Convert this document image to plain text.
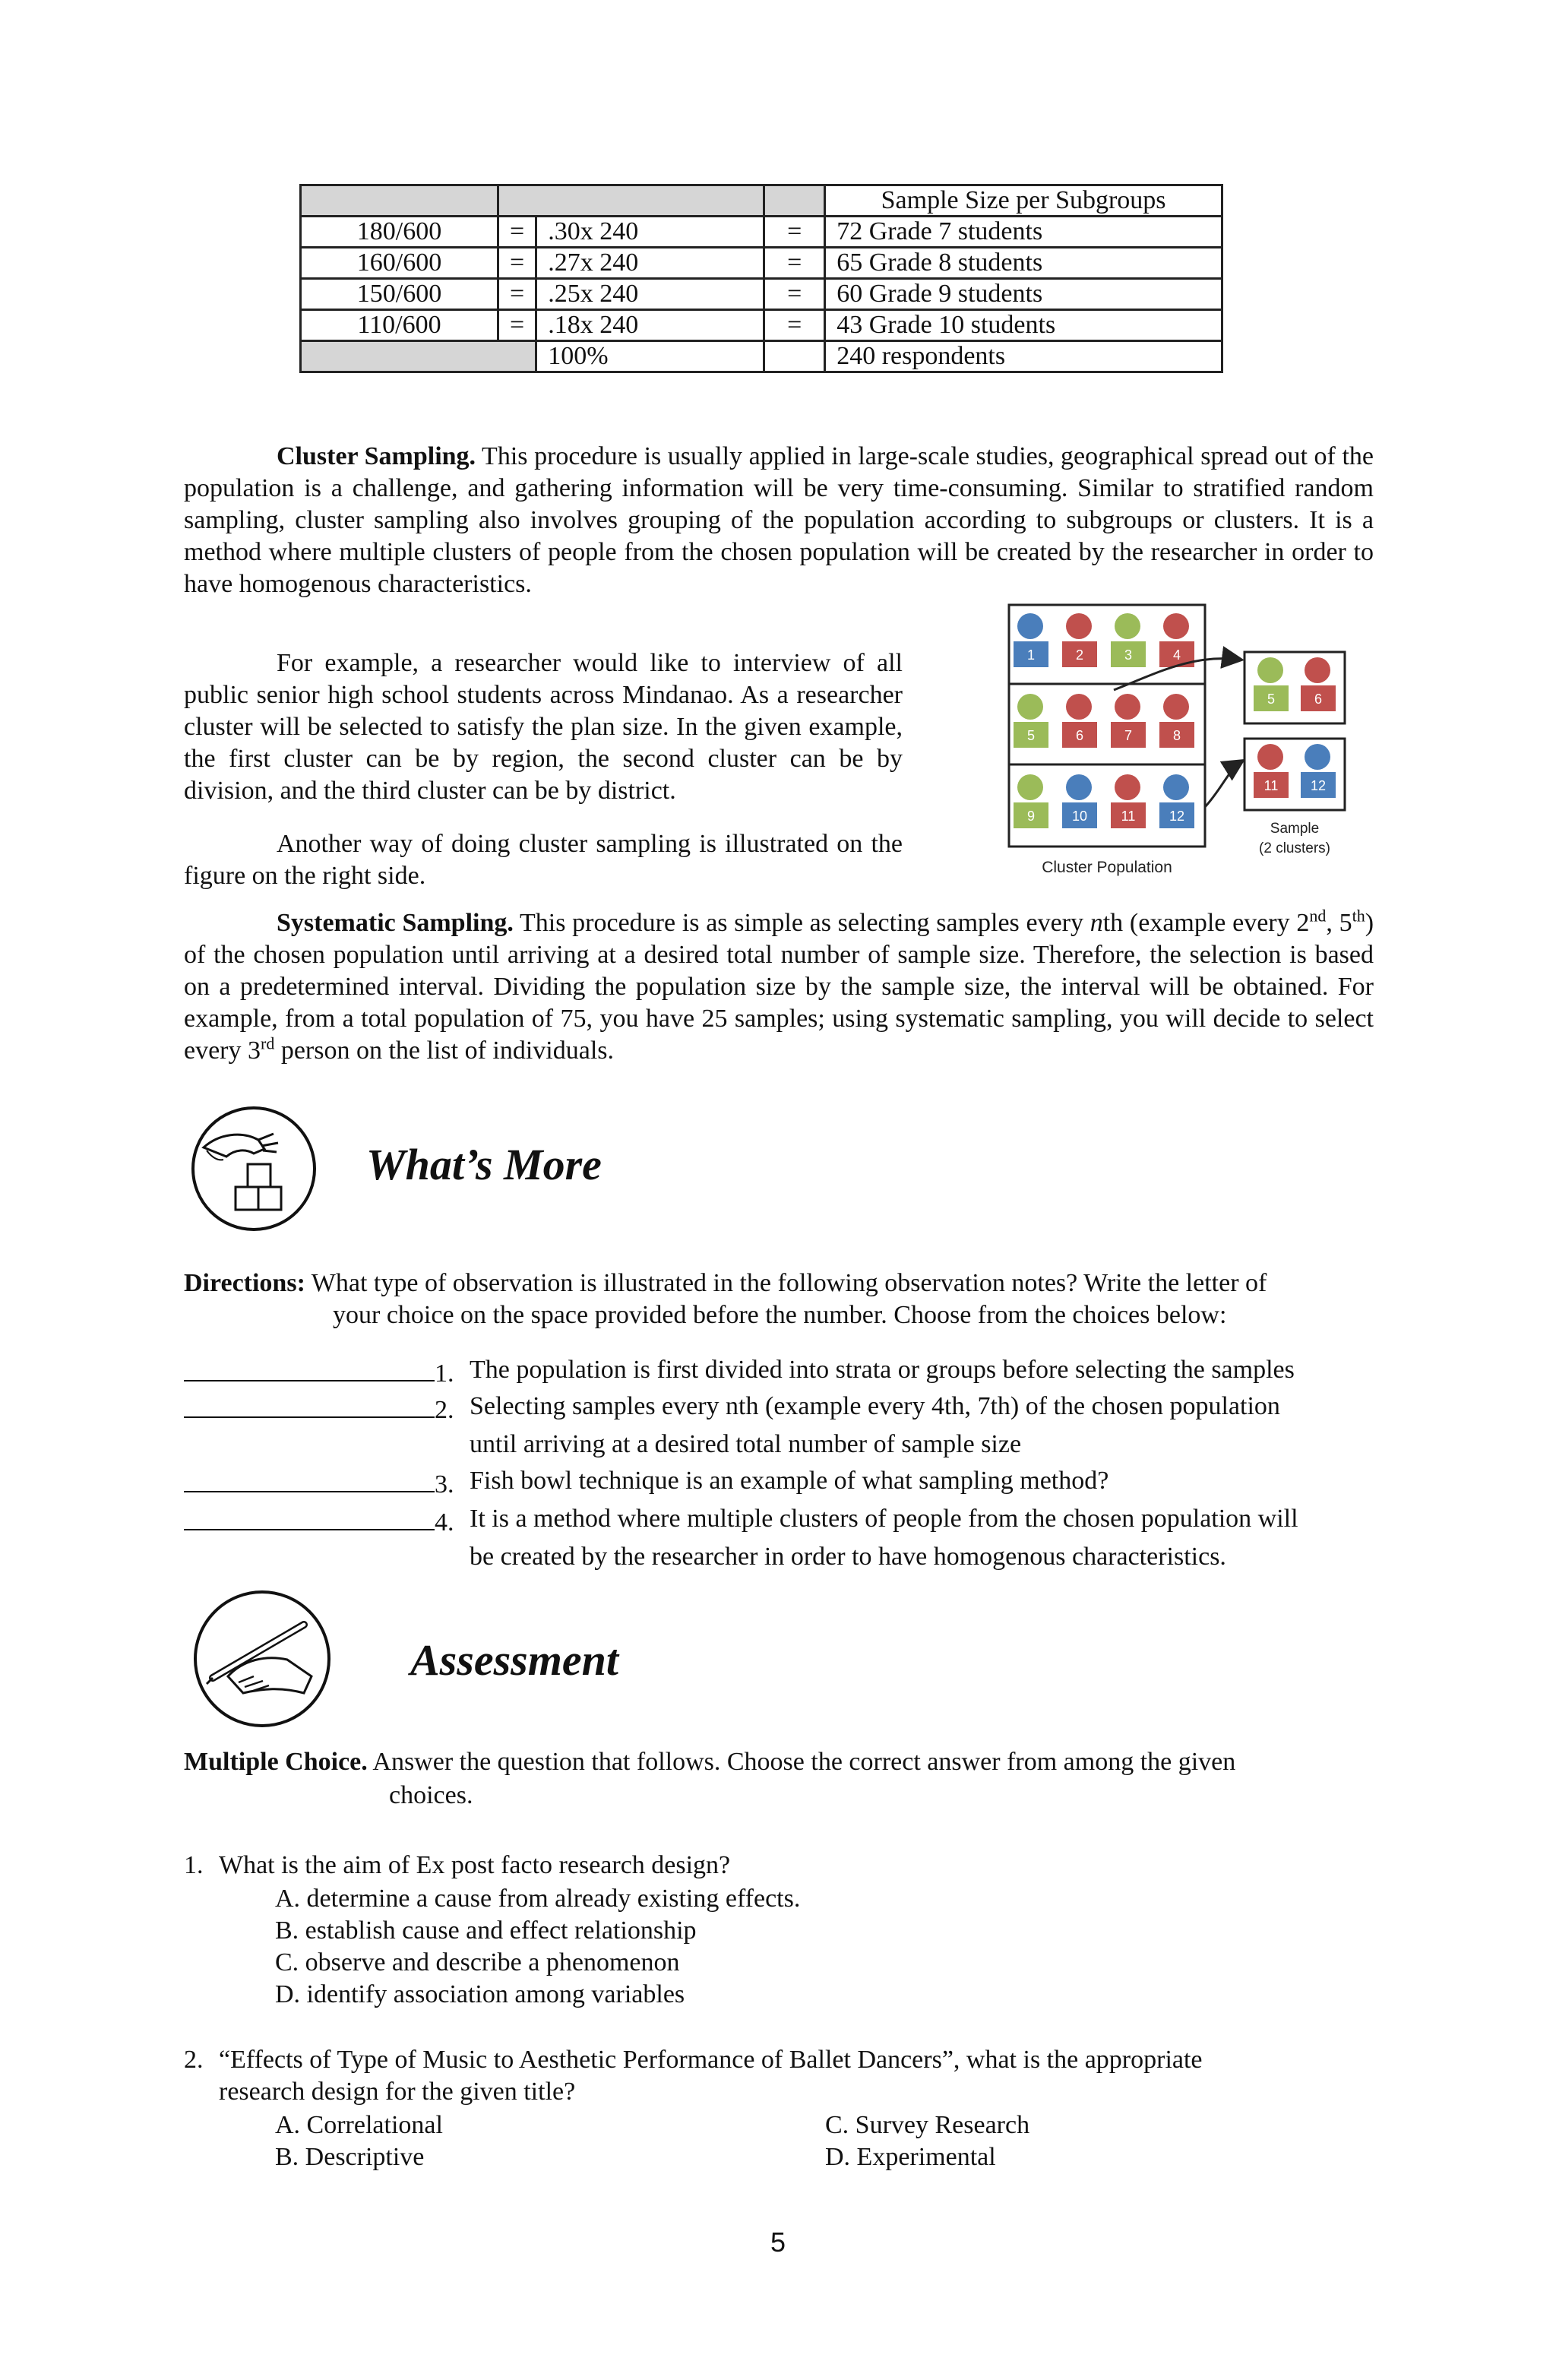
				Sample Size per Subgroups
180/600	=	.30x 240	=	72 Grade 7 students
160/600	=	.27x 240	=	65 Grade 8 students
150/600	=	.25x 240	=	60 Grade 9 students
110/600	=	.18x 240	=	43 Grade 10 students
		100%		240 respondents

Cluster Sampling. This procedure is usually applied in large-scale studies, geographical spread out of the population is a challenge, and gathering information will be very time-consuming. Similar to stratified random sampling, cluster sampling also involves grouping of the population according to subgroups or clusters. It is a method where multiple clusters of people from the chosen population will be created by the researcher in order to have homogenous characteristics.

For example, a researcher would like to interview of all public senior high school students across Mindanao. As a researcher cluster will be selected to satisfy the plan size. In the given example, the first cluster can be by region, the second cluster can be by division, and the third cluster can be by district.

Another way of doing cluster sampling is illustrated on the figure on the right side.

1	2	3	4
5	6	7	8
9	10 11 12
5	6
11 12
Cluster Population
Sample
(2 clusters)

Systematic Sampling. This procedure is as simple as selecting samples every nth (example every 2nd, 5th) of the chosen population until arriving at a desired total number of sample size. Therefore, the selection is based on a predetermined interval. Dividing the population size by the sample size, the interval will be obtained. For example, from a total population of 75, you have 25 samples; using systematic sampling, you will decide to select every 3rd person on the list of individuals.

What’s More
Directions: What type of observation is illustrated in the following observation notes? Write the letter of
your choice on the space provided before the number. Choose from the choices below:
1. The population is first divided into strata or groups before selecting the samples
2. Selecting samples every nth (example every 4th, 7th) of the chosen population
until arriving at a desired total number of sample size
3. Fish bowl technique is an example of what sampling method?
4. It is a method where multiple clusters of people from the chosen population will
be created by the researcher in order to have homogenous characteristics.
Assessment
Multiple Choice. Answer the question that follows. Choose the correct answer from among the given
choices.
1. What is the aim of Ex post facto research design?
A. determine a cause from already existing effects.
B. establish cause and effect relationship
C. observe and describe a phenomenon
D. identify association among variables
2. “Effects of Type of Music to Aesthetic Performance of Ballet Dancers”, what is the appropriate
research design for the given title?
A. Correlational
B. Descriptive
C. Survey Research
D. Experimental
5
